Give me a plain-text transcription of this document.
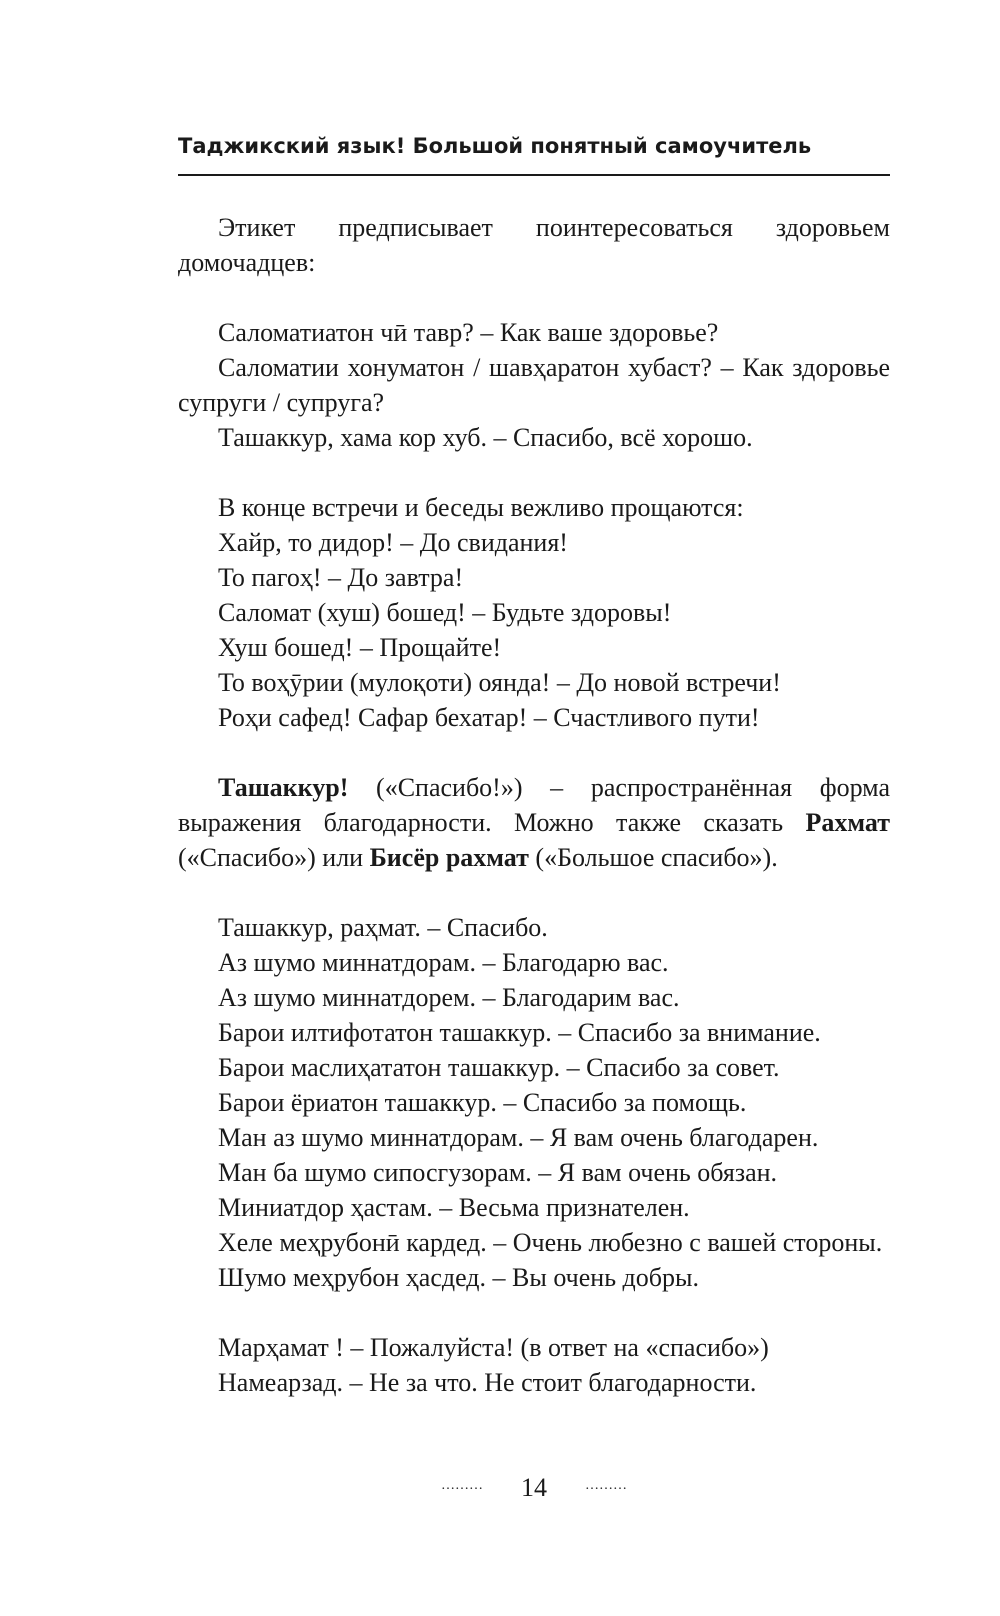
Таджикский язык! Большой понятный самоучитель

Этикет предписывает поинтересоваться здоровьем домочадцев:

Саломатиатон чӣ тавр? – Как ваше здоровье?

Саломатии хонуматон / шавҳаратон хубаст? – Как здоровье супруги / супруга?

Ташаккур, хама кор хуб. – Спасибо, всё хорошо.

В конце встречи и беседы вежливо прощаются:

Хайр, то дидор! – До свидания!

То пагоҳ! – До завтра!

Саломат (хуш) бошед! – Будьте здоровы!

Хуш бошед! – Прощайте!

То воҳӯрии (мулоқоти) оянда! – До новой встречи!

Роҳи сафед! Сафар бехатар! – Счастливого пути!

Ташаккур! («Спасибо!») – распространённая форма выражения благодарности. Можно также сказать Рахмат («Спасибо») или Бисёр рахмат («Большое спасибо»).

Ташаккур, раҳмат. – Спасибо.

Аз шумо миннатдорам. – Благодарю вас.

Аз шумо миннатдорем. – Благодарим вас.

Барои илтифотатон ташаккур. – Спасибо за внимание.

Барои маслиҳататон ташаккур. – Спасибо за совет.

Барои ёриатон ташаккур. – Спасибо за помощь.

Ман аз шумо миннатдорам. – Я вам очень благодарен.

Ман ба шумо сипосгузорам. – Я вам очень обязан.

Миниатдор ҳастам. – Весьма признателен.

Хеле меҳрубонӣ кардед. – Очень любезно с вашей стороны.

Шумо меҳрубон ҳасдед. – Вы очень добры.

Марҳамат ! – Пожалуйста! (в ответ на «спасибо»)

Намеарзад. – Не за что. Не стоит благодарности.

……… 14	………
